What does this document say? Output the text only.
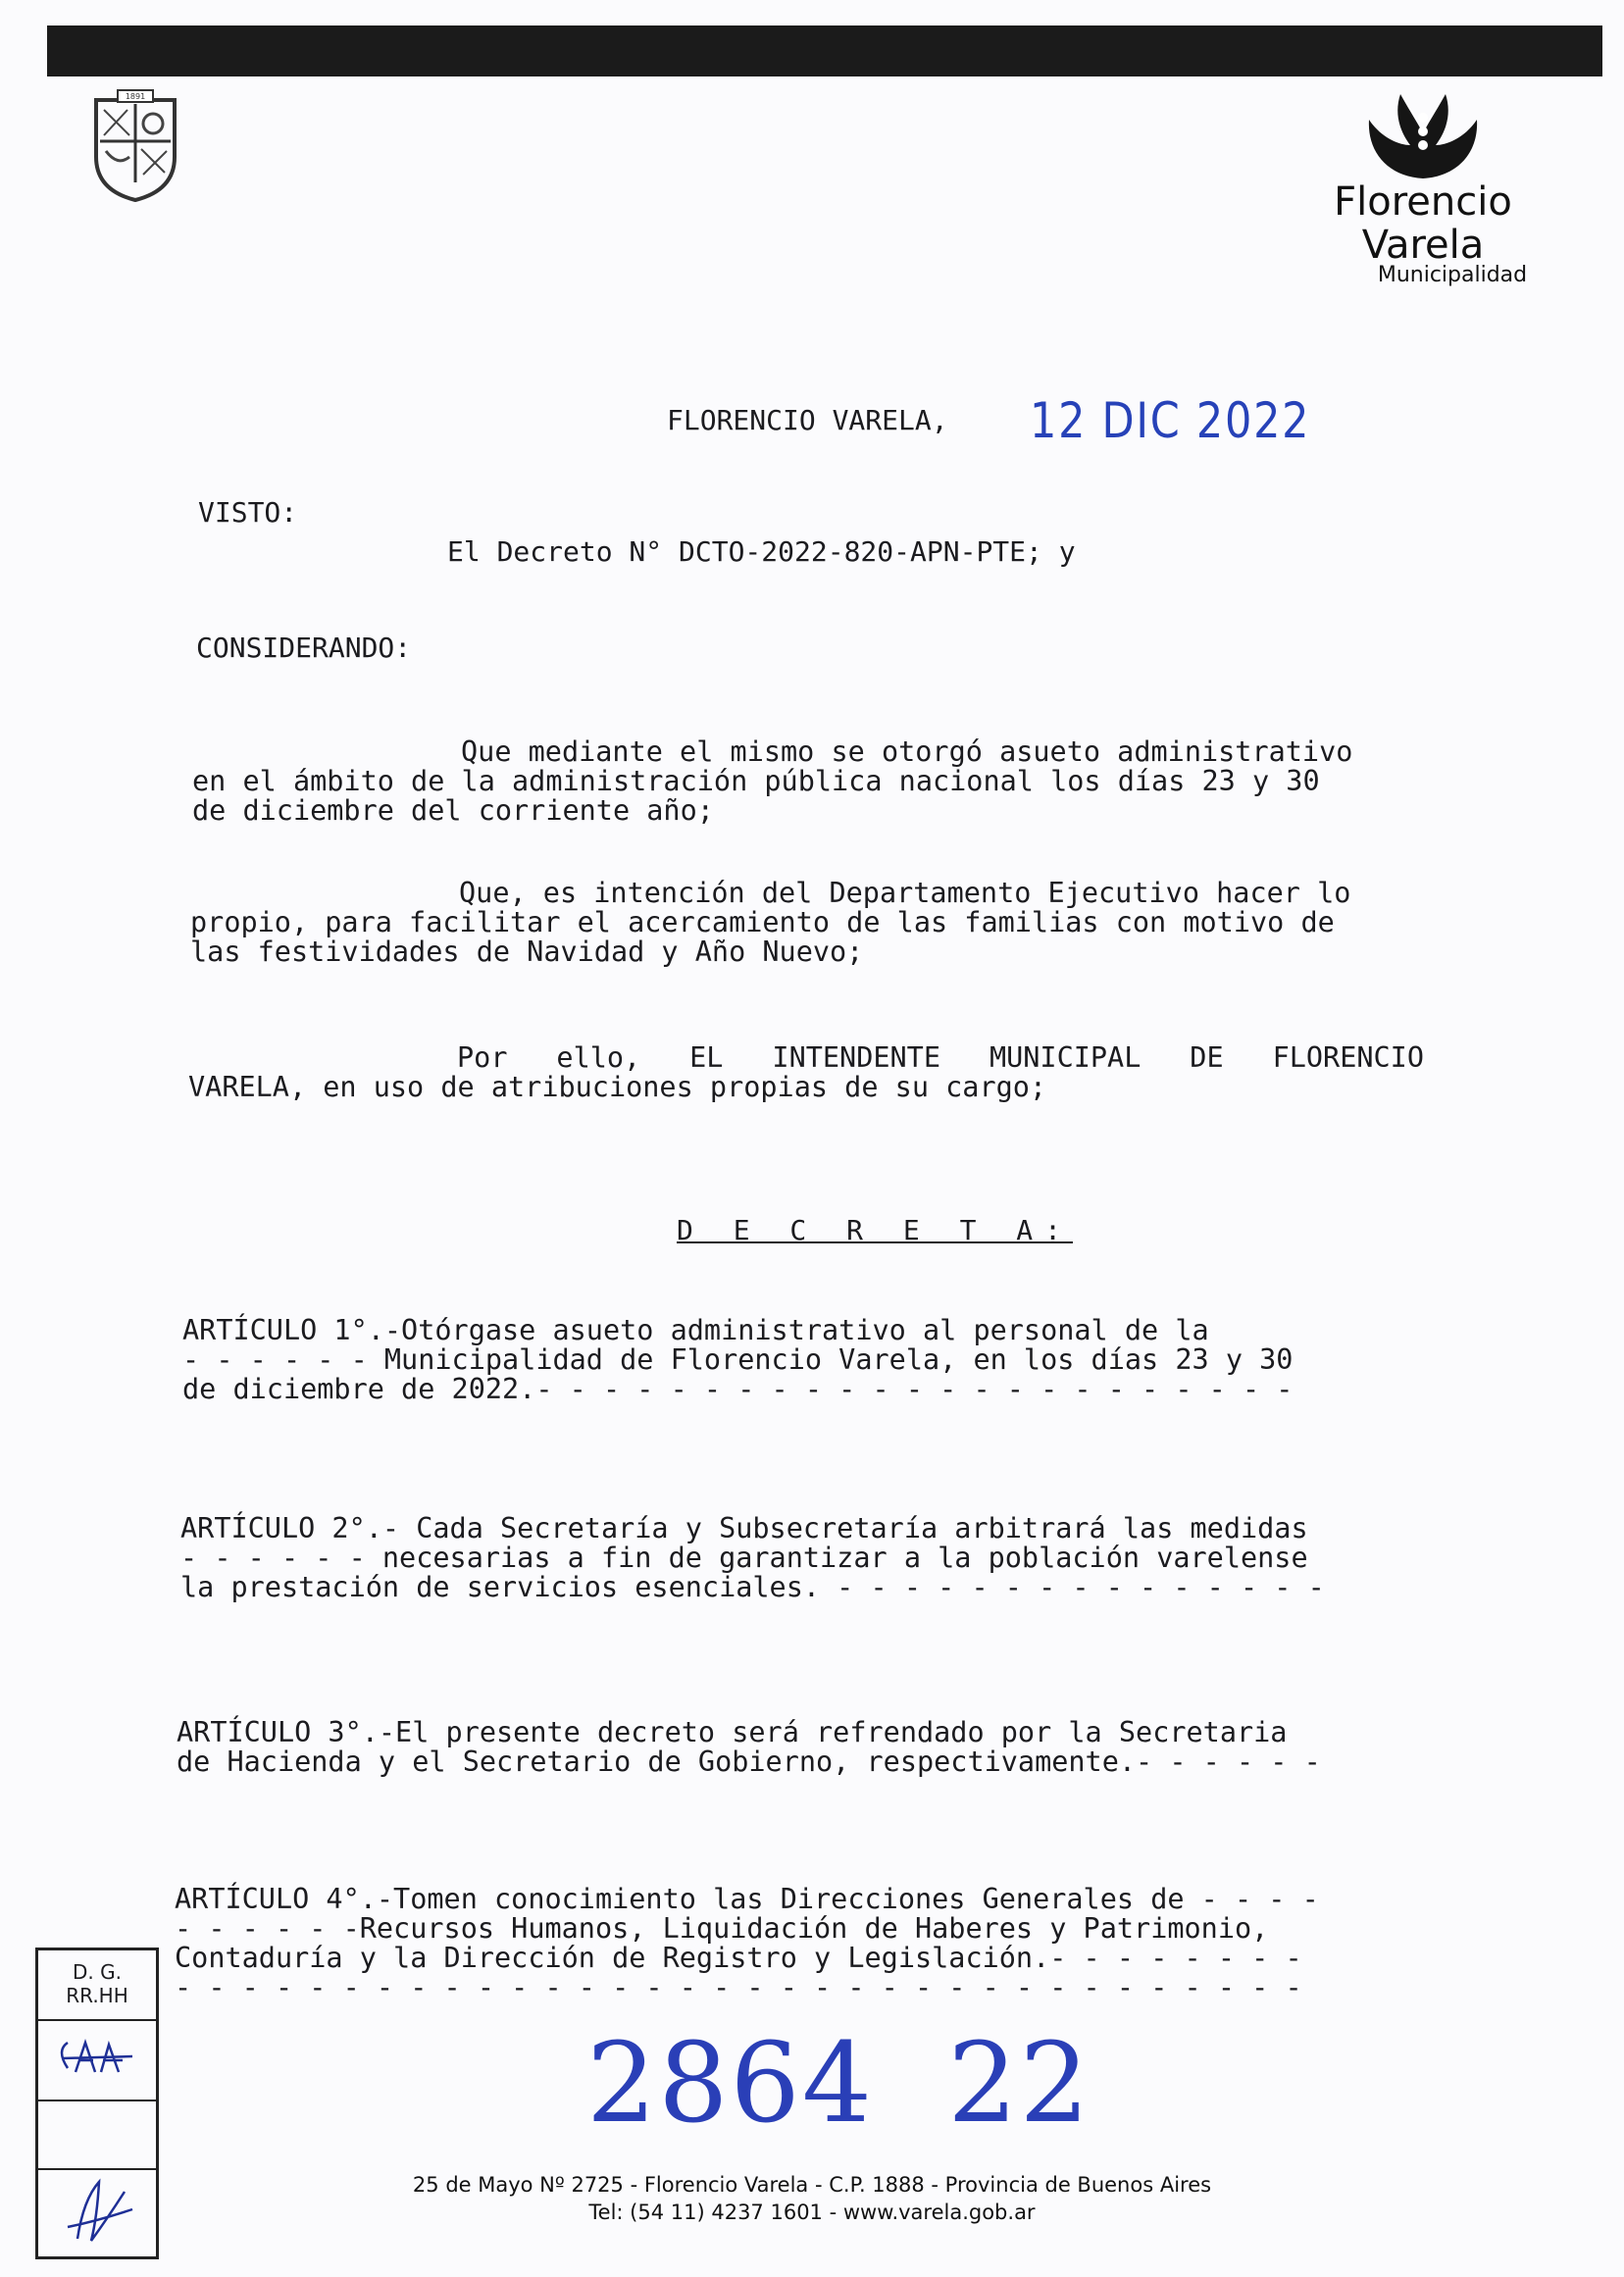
1891
Florencio Varela
Municipalidad
FLORENCIO VARELA, 12 DIC 2022
VISTO:
El Decreto N° DCTO-2022-820-APN-PTE; y
CONSIDERANDO:
Que mediante el mismo se otorgó asueto administrativo
en el ámbito de la administración pública nacional los días 23 y 30
de diciembre del corriente año;
Que, es intención del Departamento Ejecutivo hacer lo
propio, para facilitar el acercamiento de las familias con motivo de
las festividades de Navidad y Año Nuevo;
Por ello, EL INTENDENTE MUNICIPAL DE FLORENCIO
VARELA, en uso de atribuciones propias de su cargo;
D E C R E T A:
ARTÍCULO 1°.-Otórgase asueto administrativo al personal de la
- - - - - - Municipalidad de Florencio Varela, en los días 23 y 30
de diciembre de 2022.- - - - - - - - - - - - - - - - - - - - - - -
ARTÍCULO 2°.- Cada Secretaría y Subsecretaría arbitrará las medidas
- - - - - - necesarias a fin de garantizar a la población varelense
la prestación de servicios esenciales. - - - - - - - - - - - - - - -
ARTÍCULO 3°.-El presente decreto será refrendado por la Secretaria
de Hacienda y el Secretario de Gobierno, respectivamente.- - - - - -
ARTÍCULO 4°.-Tomen conocimiento las Direcciones Generales de - - - -
- - - - - -Recursos Humanos, Liquidación de Haberes y Patrimonio,
Contaduría y la Dirección de Registro y Legislación.- - - - - - - -
- - - - - - - - - - - - - - - - - - - - - - - - - - - - - - - - - -
2864  22
D. G.
RR.HH
25 de Mayo Nº 2725 - Florencio Varela - C.P. 1888 - Provincia de Buenos Aires
Tel: (54 11) 4237 1601 - www.varela.gob.ar
